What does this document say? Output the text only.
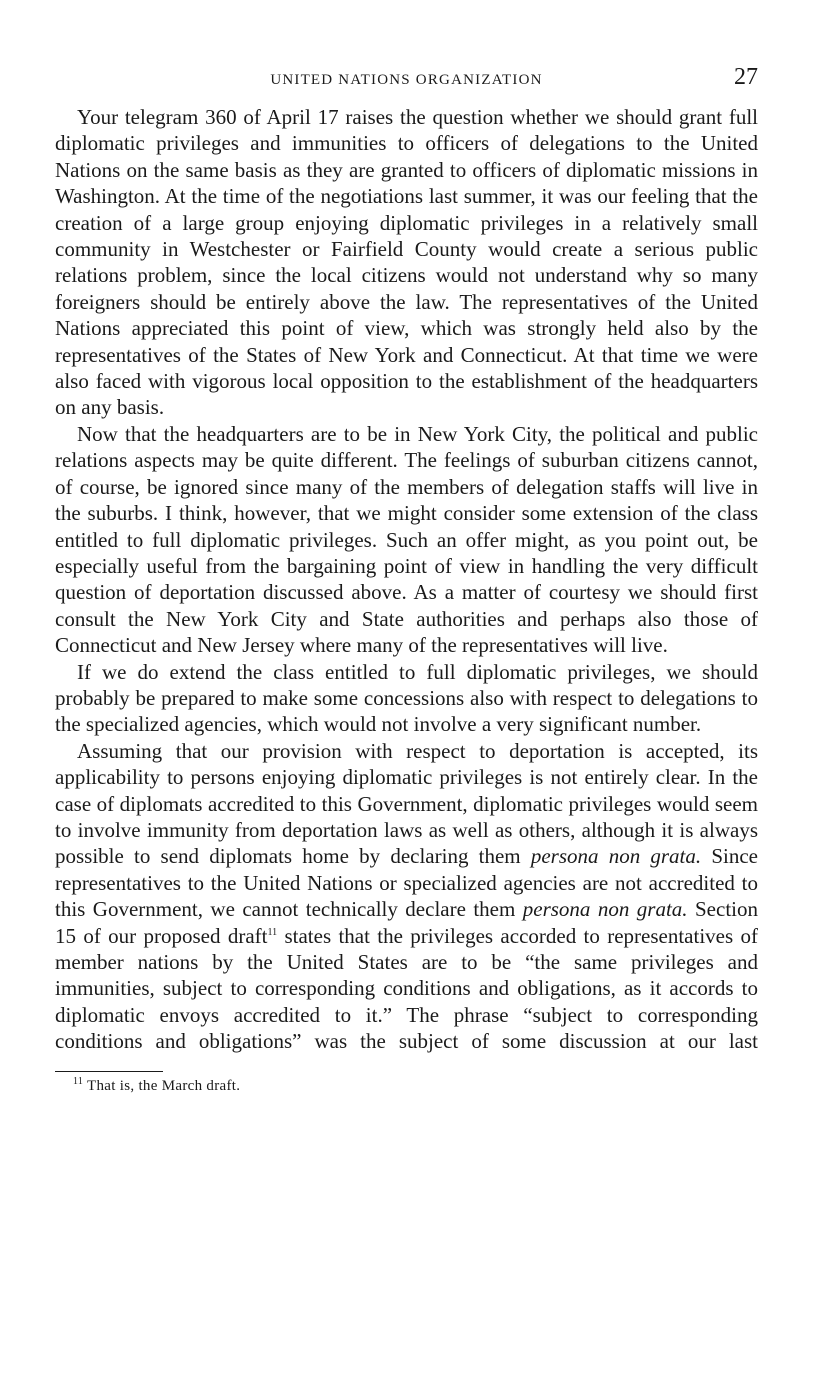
UNITED NATIONS ORGANIZATION	27

Your telegram 360 of April 17 raises the question whether we should grant full diplomatic privileges and immunities to officers of delegations to the United Nations on the same basis as they are granted to officers of diplomatic missions in Washington. At the time of the negotiations last summer, it was our feeling that the creation of a large group enjoying diplomatic privileges in a relatively small community in Westchester or Fairfield County would create a serious public relations problem, since the local citizens would not understand why so many foreigners should be entirely above the law. The representatives of the United Nations appreciated this point of view, which was strongly held also by the representatives of the States of New York and Connecticut. At that time we were also faced with vigorous local opposition to the establishment of the headquarters on any basis.

Now that the headquarters are to be in New York City, the political and public relations aspects may be quite different. The feelings of suburban citizens cannot, of course, be ignored since many of the members of delegation staffs will live in the suburbs. I think, however, that we might consider some extension of the class entitled to full diplomatic privileges. Such an offer might, as you point out, be especially useful from the bargaining point of view in handling the very difficult question of deportation discussed above. As a matter of courtesy we should first consult the New York City and State authorities and perhaps also those of Connecticut and New Jersey where many of the representatives will live.

If we do extend the class entitled to full diplomatic privileges, we should probably be prepared to make some concessions also with respect to delegations to the specialized agencies, which would not involve a very significant number.

Assuming that our provision with respect to deportation is accepted, its applicability to persons enjoying diplomatic privileges is not entirely clear. In the case of diplomats accredited to this Government, diplomatic privileges would seem to involve immunity from deportation laws as well as others, although it is always possible to send diplomats home by declaring them persona non grata. Since representatives to the United Nations or specialized agencies are not accredited to this Government, we cannot technically declare them persona non grata. Section 15 of our proposed draft$^{11}$ states that the privileges accorded to representatives of member nations by the United States are to be “the same privileges and immunities, subject to corresponding conditions and obligations, as it accords to diplomatic envoys accredited to it.” The phrase “subject to corresponding conditions and obligations” was the subject of some discussion at our last

$^{11}$ That is, the March draft.
